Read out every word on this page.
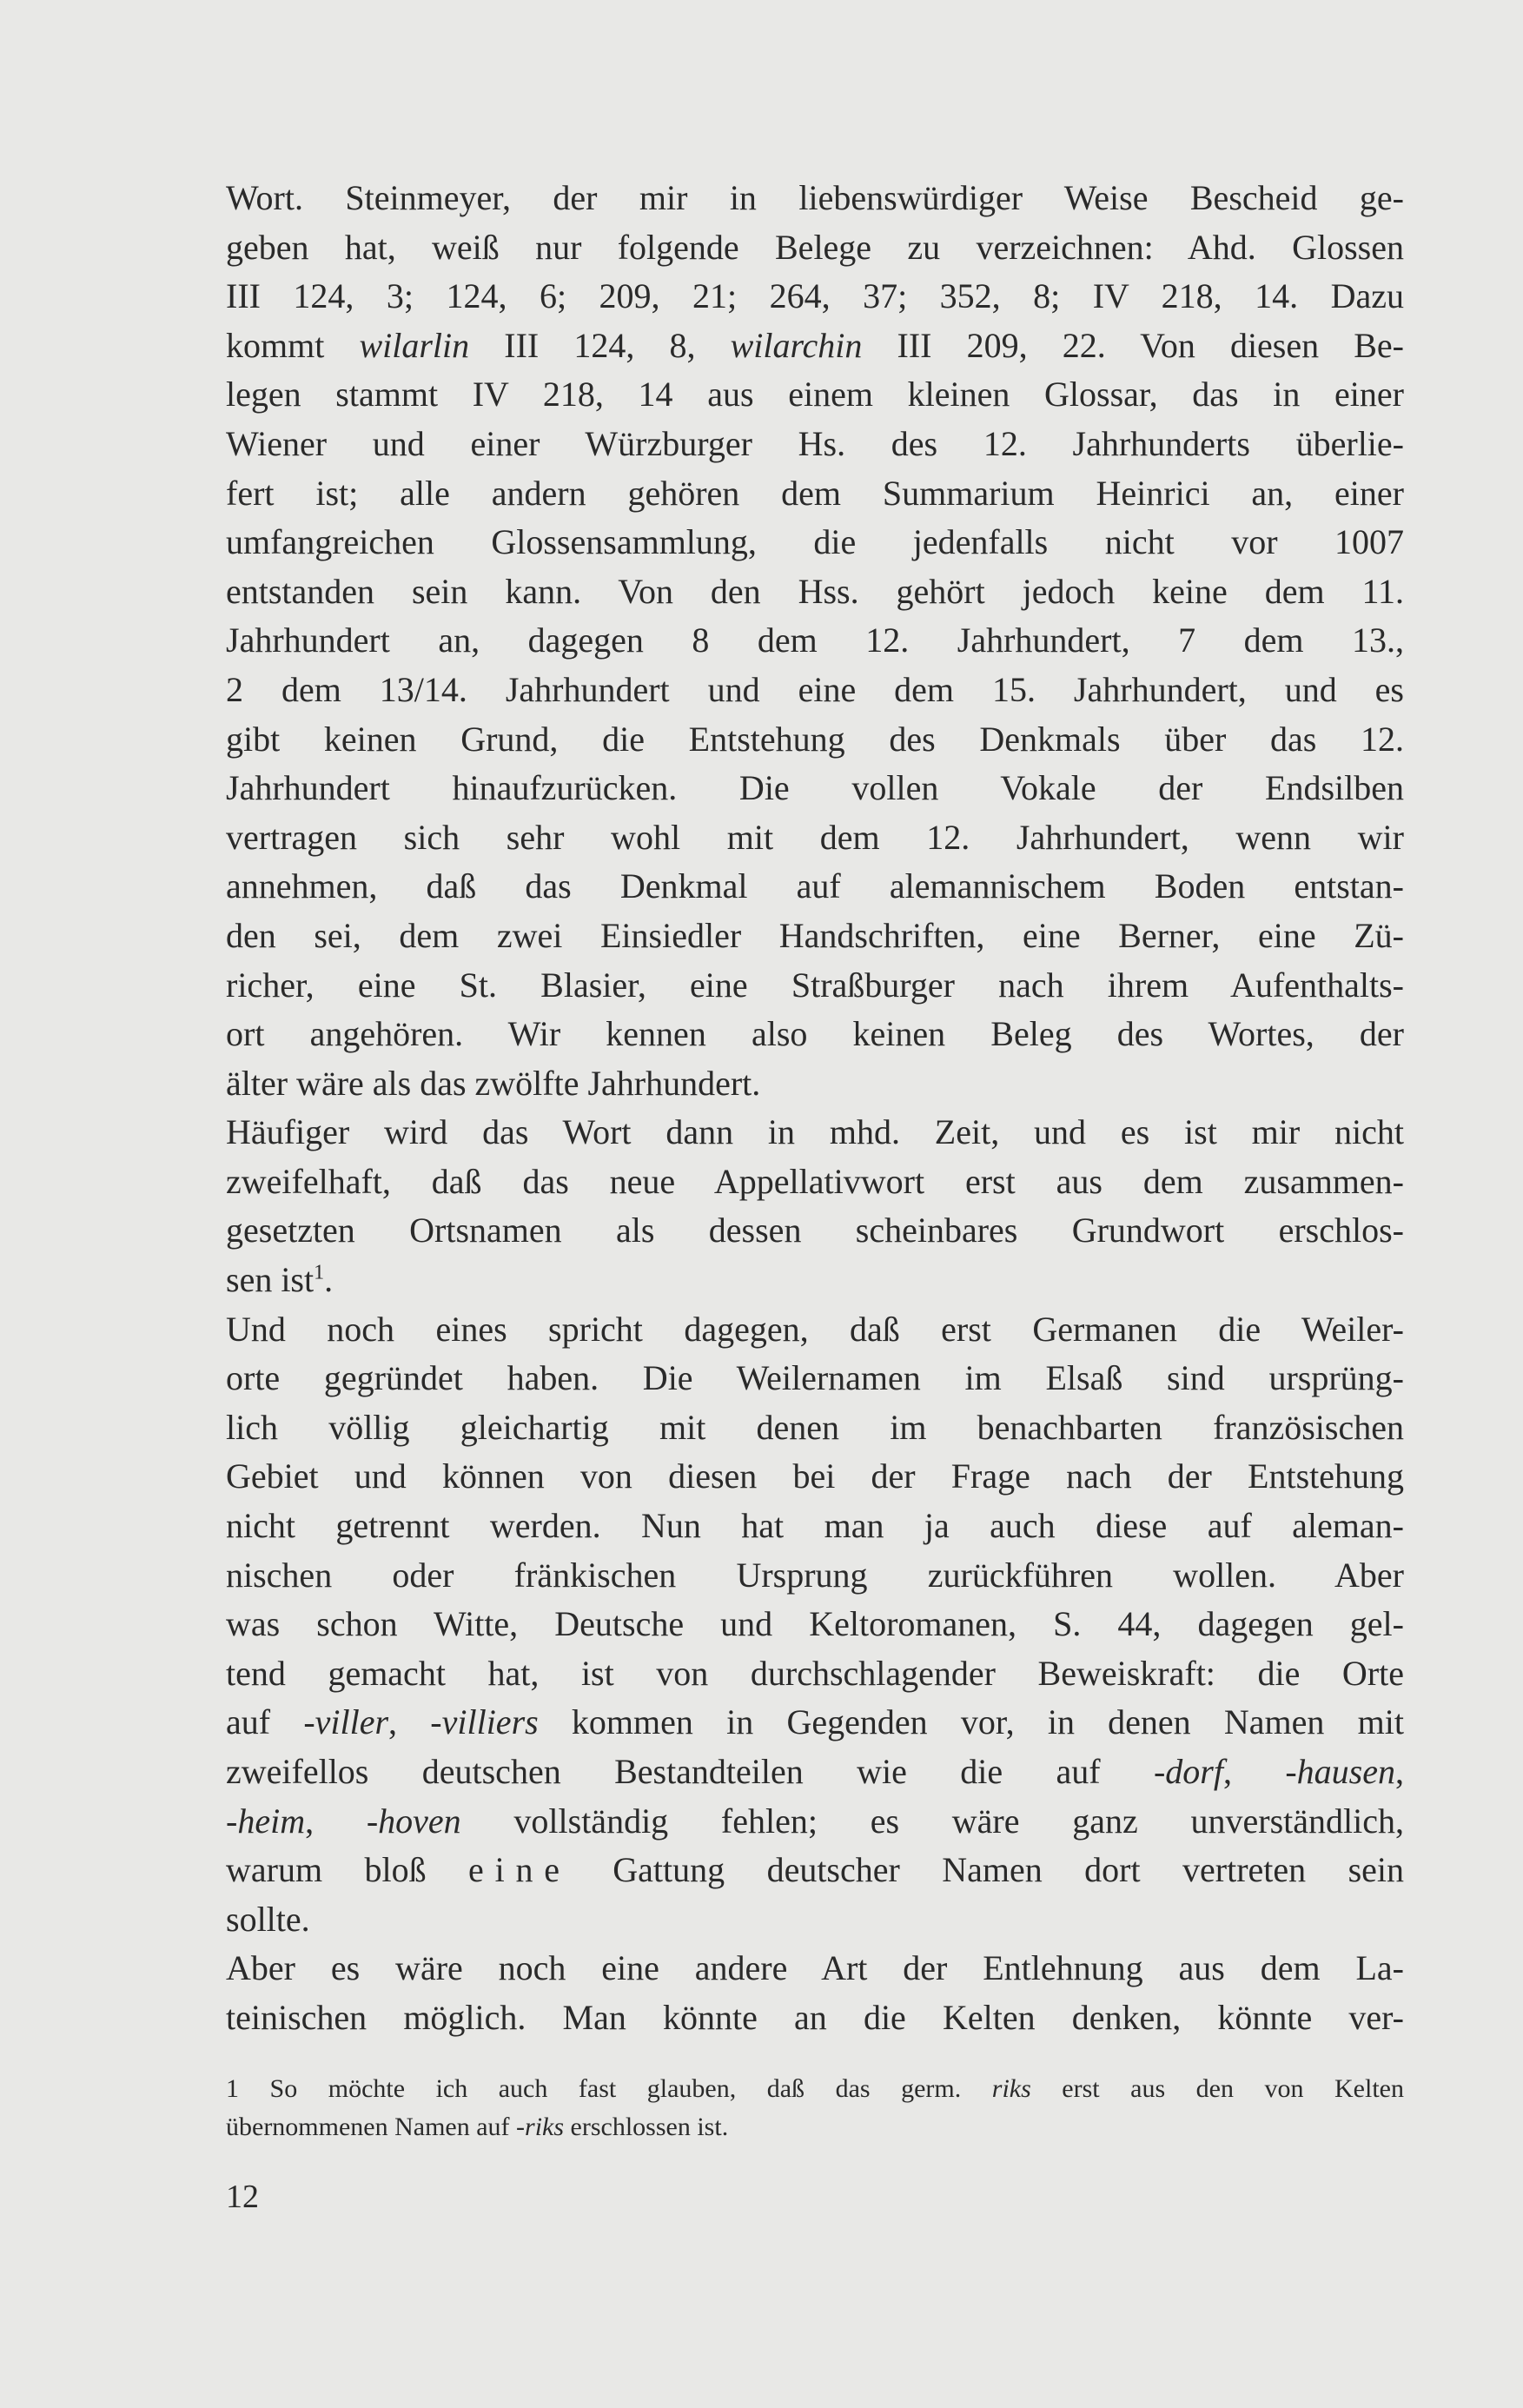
Wort. Steinmeyer, der mir in liebenswürdiger Weise Bescheid ge-
geben hat, weiß nur folgende Belege zu verzeichnen: Ahd. Glossen
III 124, 3; 124, 6; 209, 21; 264, 37; 352, 8; IV 218, 14. Dazu
kommt wilarlin III 124, 8, wilarchin III 209, 22. Von diesen Be-
legen stammt IV 218, 14 aus einem kleinen Glossar, das in einer
Wiener und einer Würzburger Hs. des 12. Jahrhunderts überlie-
fert ist; alle andern gehören dem Summarium Heinrici an, einer
umfangreichen Glossensammlung, die jedenfalls nicht vor 1007
entstanden sein kann. Von den Hss. gehört jedoch keine dem 11.
Jahrhundert an, dagegen 8 dem 12. Jahrhundert, 7 dem 13.,
2 dem 13/14. Jahrhundert und eine dem 15. Jahrhundert, und es
gibt keinen Grund, die Entstehung des Denkmals über das 12.
Jahrhundert hinaufzurücken. Die vollen Vokale der Endsilben
vertragen sich sehr wohl mit dem 12. Jahrhundert, wenn wir
annehmen, daß das Denkmal auf alemannischem Boden entstan-
den sei, dem zwei Einsiedler Handschriften, eine Berner, eine Zü-
richer, eine St. Blasier, eine Straßburger nach ihrem Aufenthalts-
ort angehören. Wir kennen also keinen Beleg des Wortes, der
älter wäre als das zwölfte Jahrhundert.
Häufiger wird das Wort dann in mhd. Zeit, und es ist mir nicht
zweifelhaft, daß das neue Appellativwort erst aus dem zusammen-
gesetzten Ortsnamen als dessen scheinbares Grundwort erschlos-
sen ist$^1$.
Und noch eines spricht dagegen, daß erst Germanen die Weiler-
orte gegründet haben. Die Weilernamen im Elsaß sind ursprüng-
lich völlig gleichartig mit denen im benachbarten französischen
Gebiet und können von diesen bei der Frage nach der Entstehung
nicht getrennt werden. Nun hat man ja auch diese auf aleman-
nischen oder fränkischen Ursprung zurückführen wollen. Aber
was schon Witte, Deutsche und Keltoromanen, S. 44, dagegen gel-
tend gemacht hat, ist von durchschlagender Beweiskraft: die Orte
auf -viller, -villiers kommen in Gegenden vor, in denen Namen mit
zweifellos deutschen Bestandteilen wie die auf -dorf, -hausen,
-heim, -hoven vollständig fehlen; es wäre ganz unverständlich,
warum bloß eine Gattung deutscher Namen dort vertreten sein
sollte.
Aber es wäre noch eine andere Art der Entlehnung aus dem La-
teinischen möglich. Man könnte an die Kelten denken, könnte ver-
1 So möchte ich auch fast glauben, daß das germ. riks erst aus den von Kelten
übernommenen Namen auf -riks erschlossen ist.
12
